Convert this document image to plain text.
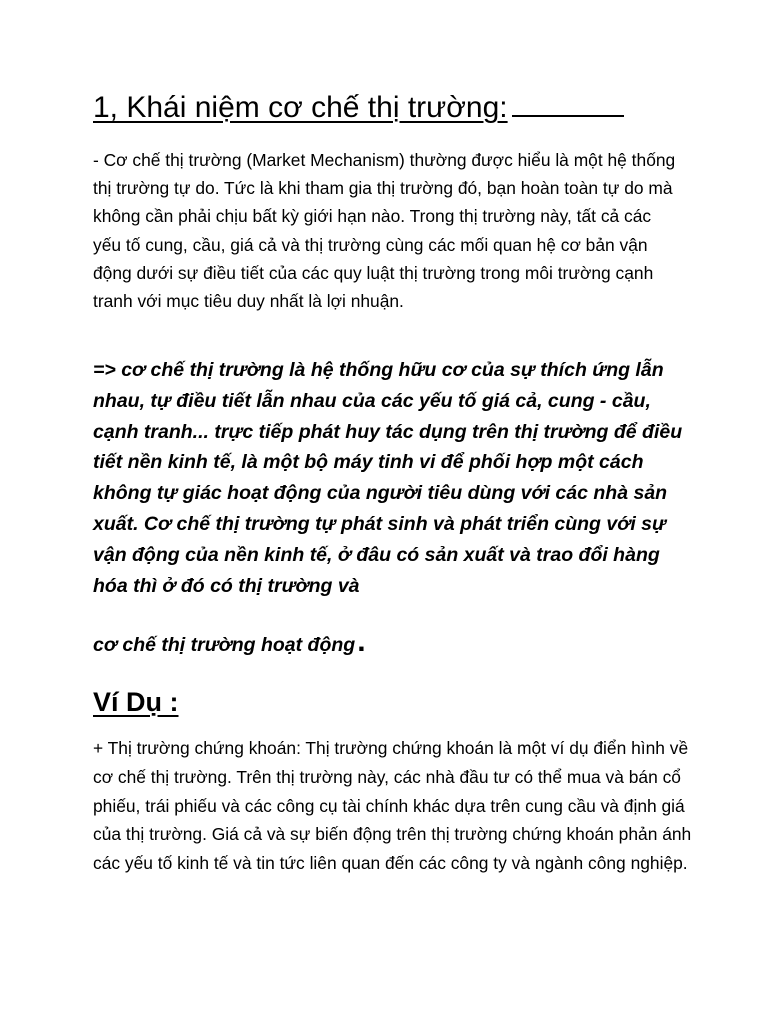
1, Khái niệm cơ chế thị trường:

- Cơ chế thị trường (Market Mechanism) thường được hiểu là một hệ thống thị trường tự do. Tức là khi tham gia thị trường đó, bạn hoàn toàn tự do mà không cần phải chịu bất kỳ giới hạn nào. Trong thị trường này, tất cả các yếu tố cung, cầu, giá cả và thị trường cùng các mối quan hệ cơ bản vận động dưới sự điều tiết của các quy luật thị trường trong môi trường cạnh tranh với mục tiêu duy nhất là lợi nhuận.

=> cơ chế thị trường là hệ thống hữu cơ của sự thích ứng lẫn nhau, tự điều tiết lẫn nhau của các yếu tố giá cả, cung - cầu, cạnh tranh... trực tiếp phát huy tác dụng trên thị trường để điều tiết nền kinh tế, là một bộ máy tinh vi để phối hợp một cách không tự giác hoạt động của người tiêu dùng với các nhà sản xuất. Cơ chế thị trường tự phát sinh và phát triển cùng với sự vận động của nền kinh tế, ở đâu có sản xuất và trao đổi hàng hóa thì ở đó có thị trường và

cơ chế thị trường hoạt động.

Ví Dụ :

+ Thị trường chứng khoán: Thị trường chứng khoán là một ví dụ điển hình về cơ chế thị trường. Trên thị trường này, các nhà đầu tư có thể mua và bán cổ phiếu, trái phiếu và các công cụ tài chính khác dựa trên cung cầu và định giá của thị trường. Giá cả và sự biến động trên thị trường chứng khoán phản ánh các yếu tố kinh tế và tin tức liên quan đến các công ty và ngành công nghiệp.
